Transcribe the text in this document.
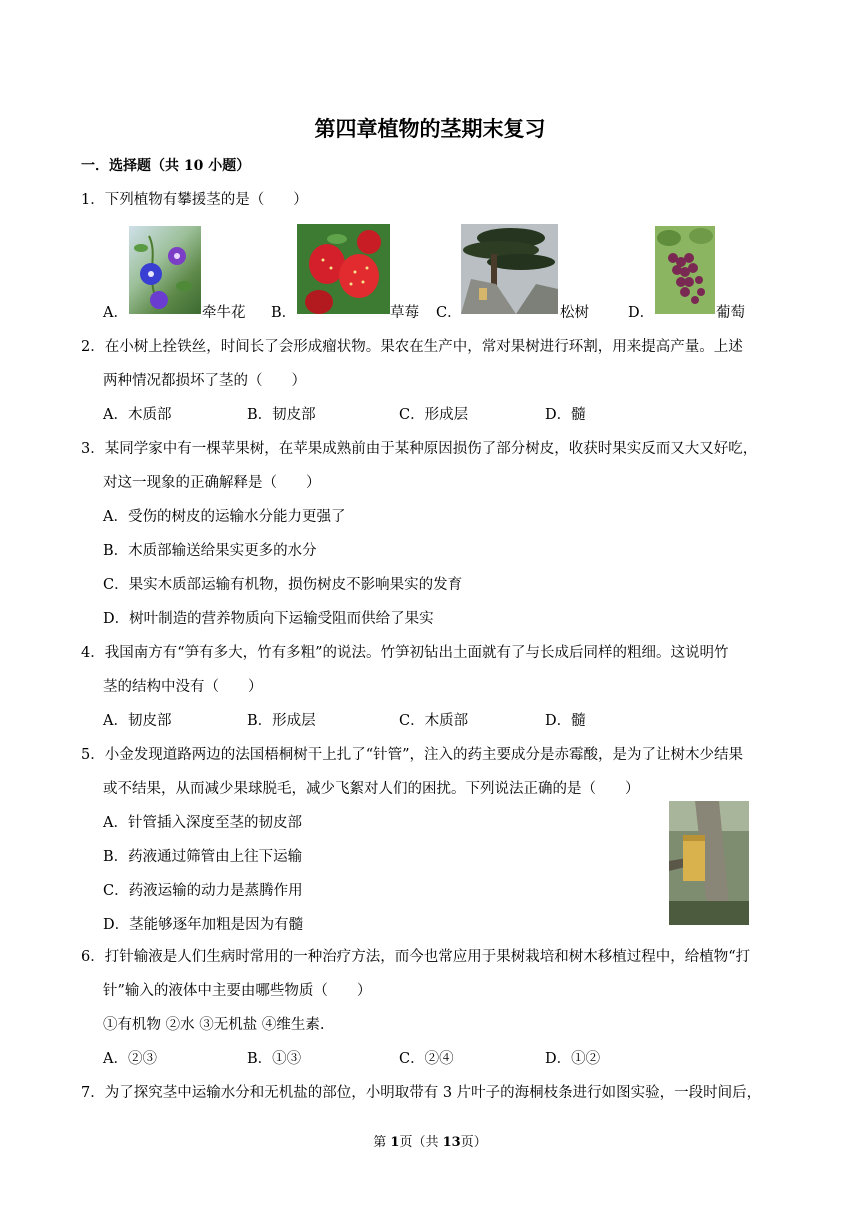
第四章植物的茎期末复习
一．选择题（共 10 小题）
1．下列植物有攀援茎的是（　　）
A．	牵牛花 B．	草莓 C．	松树	D．	葡萄
2．在小树上拴铁丝，时间长了会形成瘤状物。果农在生产中，常对果树进行环割，用来提高产量。上述
两种情况都损坏了茎的（　　）
A．木质部	B．韧皮部	C．形成层	D．髓
3．某同学家中有一棵苹果树，在苹果成熟前由于某种原因损伤了部分树皮，收获时果实反而又大又好吃，
对这一现象的正确解释是（　　）
A．受伤的树皮的运输水分能力更强了
B．木质部输送给果实更多的水分
C．果实木质部运输有机物，损伤树皮不影响果实的发育
D．树叶制造的营养物质向下运输受阻而供给了果实
4．我国南方有“笋有多大，竹有多粗”的说法。竹笋初钻出土面就有了与长成后同样的粗细。这说明竹
茎的结构中没有（　　）
A．韧皮部	B．形成层	C．木质部	D．髓
5．小金发现道路两边的法国梧桐树干上扎了“针管”，注入的药主要成分是赤霉酸，是为了让树木少结果
或不结果，从而减少果球脱毛，减少飞絮对人们的困扰。下列说法正确的是（　　）
A．针管插入深度至茎的韧皮部
B．药液通过筛管由上往下运输
C．药液运输的动力是蒸腾作用
D．茎能够逐年加粗是因为有髓
6．打针输液是人们生病时常用的一种治疗方法，而今也常应用于果树栽培和树木移植过程中，给植物“打
针”输入的液体中主要由哪些物质（　　）
①有机物 ②水 ③无机盐 ④维生素.
A．②③	B．①③	C．②④	D．①②
7．为了探究茎中运输水分和无机盐的部位，小明取带有 3 片叶子的海桐枝条进行如图实验，一段时间后，
第 1页（共 13页）
